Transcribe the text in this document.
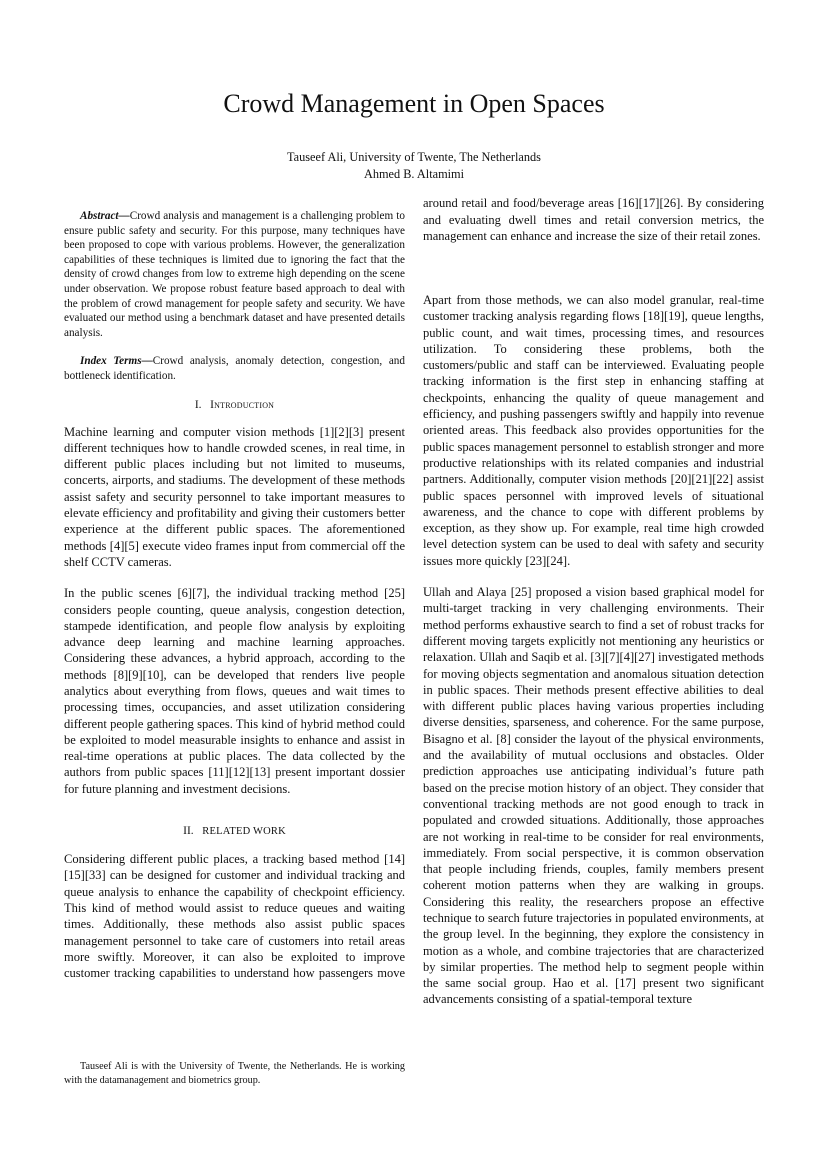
Crowd Management in Open Spaces
Tauseef Ali, University of Twente, The Netherlands
Ahmed B. Altamimi

Abstract—Crowd analysis and management is a challenging problem to ensure public safety and security. For this purpose, many techniques have been proposed to cope with various problems. However, the generalization capabilities of these techniques is limited due to ignoring the fact that the density of crowd changes from low to extreme high depending on the scene under observation. We propose robust feature based approach to deal with the problem of crowd management for people safety and security. We have evaluated our method using a benchmark dataset and have presented details analysis.

Index Terms—Crowd analysis, anomaly detection, congestion, and bottleneck identification.

I. Introduction

Machine learning and computer vision methods [1][2][3] present different techniques how to handle crowded scenes, in real time, in different public places including but not limited to museums, concerts, airports, and stadiums. The development of these methods assist safety and security personnel to take important measures to elevate efficiency and profitability and giving their customers better experience at the different public spaces. The aforementioned methods [4][5] execute video frames input from commercial off the shelf CCTV cameras.

In the public scenes [6][7], the individual tracking method [25] considers people counting, queue analysis, congestion detection, stampede identification, and people flow analysis by exploiting advance deep learning and machine learning approaches. Considering these advances, a hybrid approach, according to the methods [8][9][10], can be developed that renders live people analytics about everything from flows, queues and wait times to processing times, occupancies, and asset utilization considering different people gathering spaces. This kind of hybrid method could be exploited to model measurable insights to enhance and assist in real-time operations at public places. The data collected by the authors from public spaces [11][12][13] present important dossier for future planning and investment decisions.

II. RELATED WORK

Considering different public places, a tracking based method [14][15][33] can be designed for customer and individual tracking and queue analysis to enhance the capability of checkpoint efficiency. This kind of method would assist to reduce queues and waiting times. Additionally, these methods also assist public spaces management personnel to take care of customers into retail areas more swiftly. Moreover, it can also be exploited to improve customer tracking capabilities to understand how passengers move

around retail and food/beverage areas [16][17][26]. By considering and evaluating dwell times and retail conversion metrics, the management can enhance and increase the size of their retail zones.

Apart from those methods, we can also model granular, real-time customer tracking analysis regarding flows [18][19], queue lengths, public count, and wait times, processing times, and resources utilization. To considering these problems, both the customers/public and staff can be interviewed. Evaluating people tracking information is the first step in enhancing staffing at checkpoints, enhancing the quality of queue management and efficiency, and pushing passengers swiftly and happily into revenue oriented areas. This feedback also provides opportunities for the public spaces management personnel to establish stronger and more productive relationships with its related companies and industrial partners. Additionally, computer vision methods [20][21][22] assist public spaces personnel with improved levels of situational awareness, and the chance to cope with different problems by exception, as they show up. For example, real time high crowded level detection system can be used to deal with safety and security issues more quickly [23][24].

Ullah and Alaya [25] proposed a vision based graphical model for multi-target tracking in very challenging environments. Their method performs exhaustive search to find a set of robust tracks for different moving targets explicitly not mentioning any heuristics or relaxation. Ullah and Saqib et al. [3][7][4][27] investigated methods for moving objects segmentation and anomalous situation detection in public spaces. Their methods present effective abilities to deal with different public places having various properties including diverse densities, sparseness, and coherence. For the same purpose, Bisagno et al. [8] consider the layout of the physical environments, and the availability of mutual occlusions and obstacles. Older prediction approaches use anticipating individual’s future path based on the precise motion history of an object. They consider that conventional tracking methods are not good enough to track in populated and crowded situations. Additionally, those approaches are not working in real-time to be consider for real environments, immediately. From social perspective, it is common observation that people including friends, couples, family members present coherent motion patterns when they are walking in groups. Considering this reality, the researchers propose an effective technique to search future trajectories in populated environments, at the group level. In the beginning, they explore the consistency in motion as a whole, and combine trajectories that are characterized by similar properties. The method help to segment people within the same social group. Hao et al. [17] present two significant advancements consisting of a spatial-temporal texture

Tauseef Ali is with the University of Twente, the Netherlands. He is working with the datamanagement and biometrics group.
